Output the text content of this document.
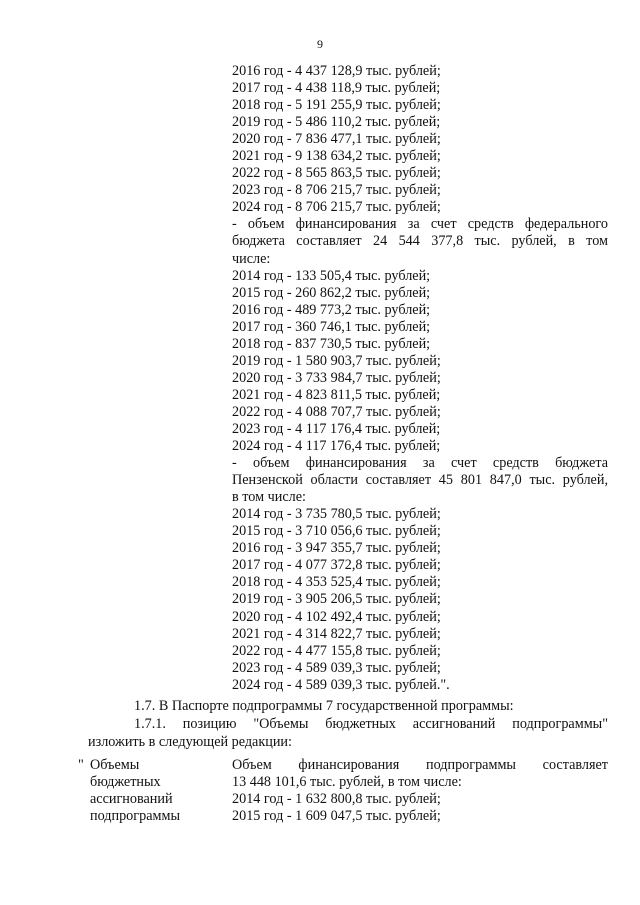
9
2016 год - 4 437 128,9 тыс. рублей;
2017 год - 4 438 118,9 тыс. рублей;
2018 год - 5 191 255,9 тыс. рублей;
2019 год - 5 486 110,2 тыс. рублей;
2020 год - 7 836 477,1 тыс. рублей;
2021 год - 9 138 634,2 тыс. рублей;
2022 год - 8 565 863,5 тыс. рублей;
2023 год - 8 706 215,7 тыс. рублей;
2024 год - 8 706 215,7 тыс. рублей;
- объем финансирования за счет средств федерального
бюджета составляет 24 544 377,8 тыс. рублей, в том
числе:
2014 год - 133 505,4 тыс. рублей;
2015 год - 260 862,2 тыс. рублей;
2016 год - 489 773,2 тыс. рублей;
2017 год - 360 746,1 тыс. рублей;
2018 год - 837 730,5 тыс. рублей;
2019 год - 1 580 903,7 тыс. рублей;
2020 год - 3 733 984,7 тыс. рублей;
2021 год - 4 823 811,5 тыс. рублей;
2022 год - 4 088 707,7 тыс. рублей;
2023 год - 4 117 176,4 тыс. рублей;
2024 год - 4 117 176,4 тыс. рублей;
- объем финансирования за счет средств бюджета
Пензенской области составляет 45 801 847,0 тыс. рублей,
в том числе:
2014 год - 3 735 780,5 тыс. рублей;
2015 год - 3 710 056,6 тыс. рублей;
2016 год - 3 947 355,7 тыс. рублей;
2017 год - 4 077 372,8 тыс. рублей;
2018 год - 4 353 525,4 тыс. рублей;
2019 год - 3 905 206,5 тыс. рублей;
2020 год - 4 102 492,4 тыс. рублей;
2021 год - 4 314 822,7 тыс. рублей;
2022 год - 4 477 155,8 тыс. рублей;
2023 год - 4 589 039,3 тыс. рублей;
2024 год - 4 589 039,3 тыс. рублей.".
1.7. В Паспорте подпрограммы 7 государственной программы:
1.7.1. позицию "Объемы бюджетных ассигнований подпрограммы"
изложить в следующей редакции:
" Объемы
бюджетных
ассигнований
подпрограммы
Объем финансирования подпрограммы составляет
13 448 101,6 тыс. рублей, в том числе:
2014 год - 1 632 800,8 тыс. рублей;
2015 год - 1 609 047,5 тыс. рублей;
